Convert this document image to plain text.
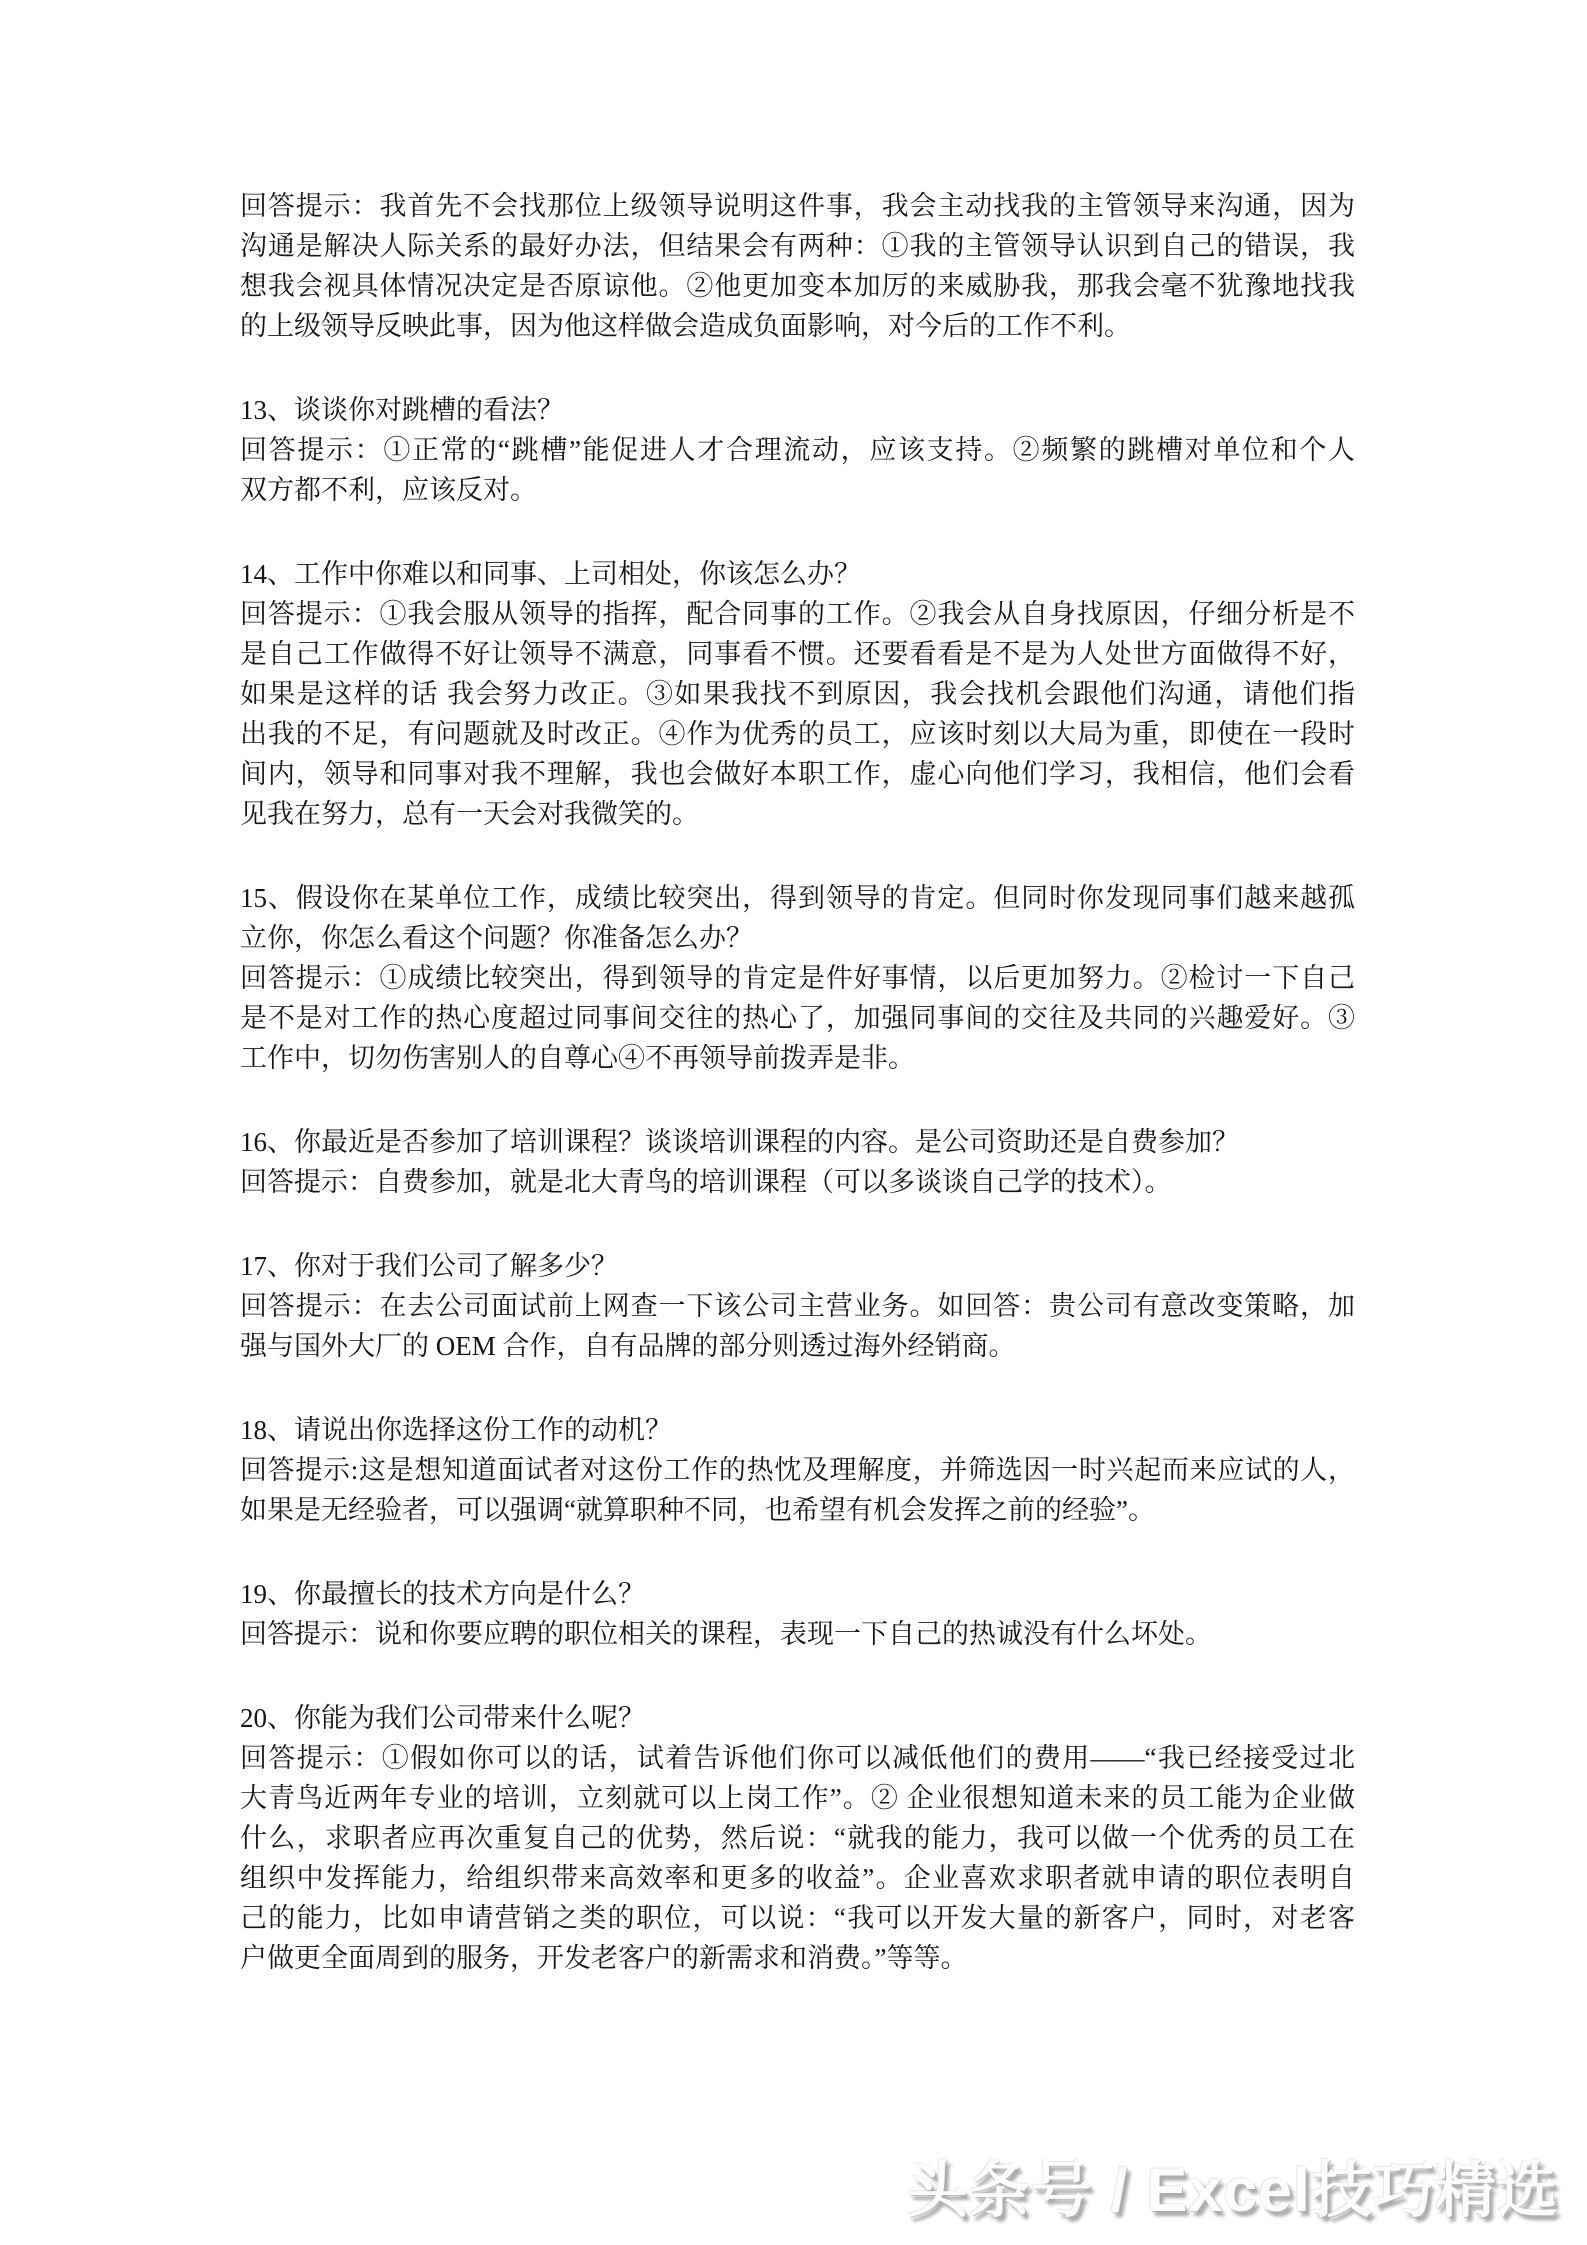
回答提示：我首先不会找那位上级领导说明这件事，我会主动找我的主管领导来沟通，因为
沟通是解决人际关系的最好办法，但结果会有两种：①我的主管领导认识到自己的错误，我
想我会视具体情况决定是否原谅他。②他更加变本加厉的来威胁我，那我会毫不犹豫地找我
的上级领导反映此事，因为他这样做会造成负面影响，对今后的工作不利。
13、谈谈你对跳槽的看法？
回答提示：①正常的“跳槽”能促进人才合理流动，应该支持。②频繁的跳槽对单位和个人
双方都不利，应该反对。
14、工作中你难以和同事、上司相处，你该怎么办？
回答提示：①我会服从领导的指挥，配合同事的工作。②我会从自身找原因，仔细分析是不
是自己工作做得不好让领导不满意，同事看不惯。还要看看是不是为人处世方面做得不好，
如果是这样的话 我会努力改正。③如果我找不到原因，我会找机会跟他们沟通，请他们指
出我的不足，有问题就及时改正。④作为优秀的员工，应该时刻以大局为重，即使在一段时
间内，领导和同事对我不理解，我也会做好本职工作，虚心向他们学习，我相信，他们会看
见我在努力，总有一天会对我微笑的。
15、假设你在某单位工作，成绩比较突出，得到领导的肯定。但同时你发现同事们越来越孤
立你，你怎么看这个问题？你准备怎么办？
回答提示：①成绩比较突出，得到领导的肯定是件好事情，以后更加努力。②检讨一下自己
是不是对工作的热心度超过同事间交往的热心了，加强同事间的交往及共同的兴趣爱好。③
工作中，切勿伤害别人的自尊心④不再领导前拨弄是非。
16、你最近是否参加了培训课程？谈谈培训课程的内容。是公司资助还是自费参加？
回答提示：自费参加，就是北大青鸟的培训课程（可以多谈谈自己学的技术）。
17、你对于我们公司了解多少？
回答提示：在去公司面试前上网查一下该公司主营业务。如回答：贵公司有意改变策略，加
强与国外大厂的 OEM 合作，自有品牌的部分则透过海外经销商。
18、请说出你选择这份工作的动机？
回答提示:这是想知道面试者对这份工作的热忱及理解度，并筛选因一时兴起而来应试的人，
如果是无经验者，可以强调“就算职种不同，也希望有机会发挥之前的经验”。
19、你最擅长的技术方向是什么？
回答提示：说和你要应聘的职位相关的课程，表现一下自己的热诚没有什么坏处。
20、你能为我们公司带来什么呢？
回答提示：①假如你可以的话，试着告诉他们你可以减低他们的费用——“我已经接受过北
大青鸟近两年专业的培训，立刻就可以上岗工作”。② 企业很想知道未来的员工能为企业做
什么，求职者应再次重复自己的优势，然后说：“就我的能力，我可以做一个优秀的员工在
组织中发挥能力，给组织带来高效率和更多的收益”。企业喜欢求职者就申请的职位表明自
己的能力，比如申请营销之类的职位，可以说：“我可以开发大量的新客户，同时，对老客
户做更全面周到的服务，开发老客户的新需求和消费。”等等。
头条号 / Excel技巧精选
